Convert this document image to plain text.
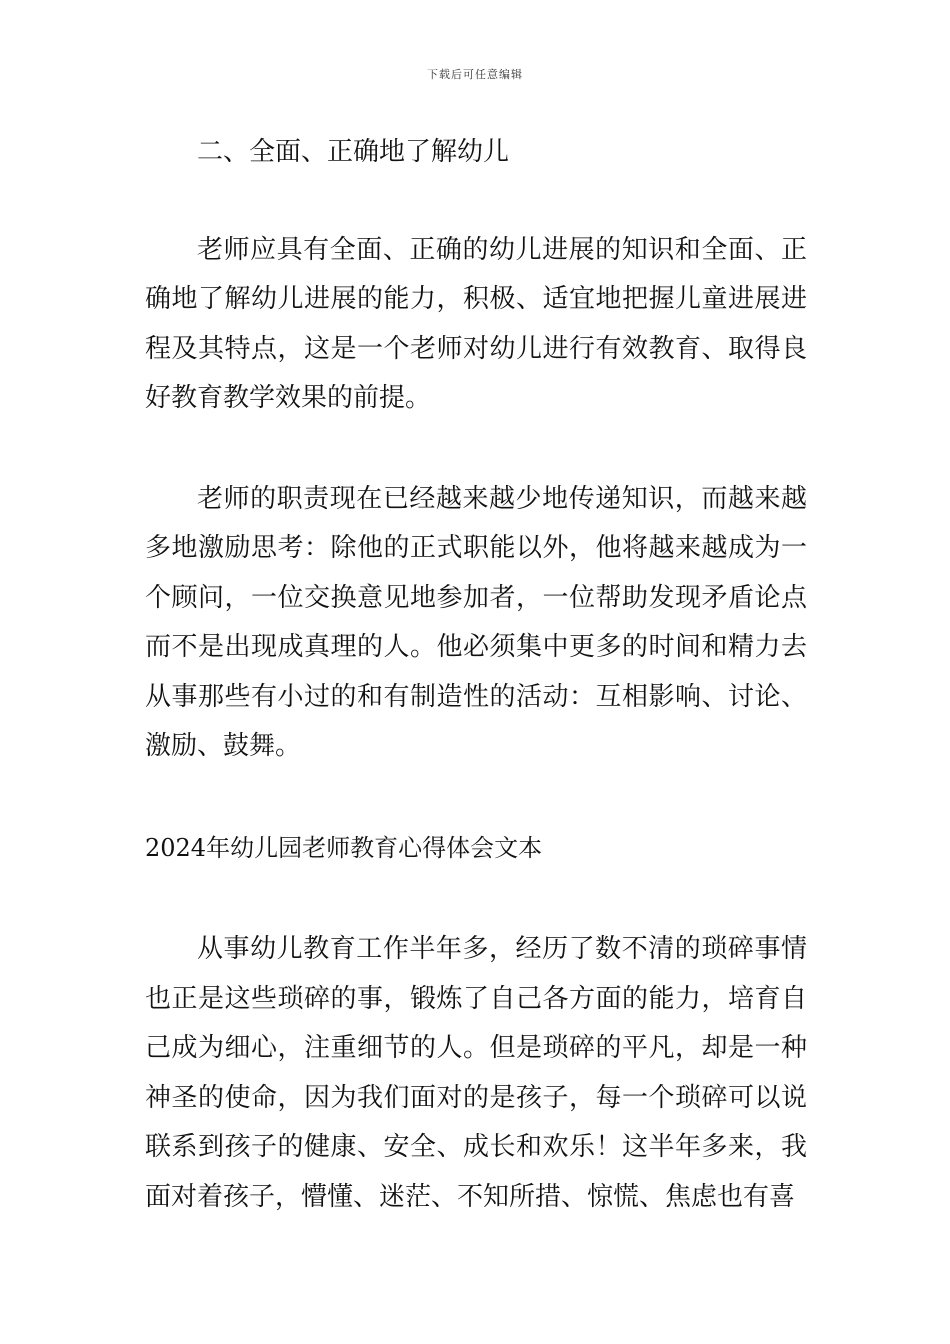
下载后可任意编辑

二、全面、正确地了解幼儿

老师应具有全面、正确的幼儿进展的知识和全面、正确地了解幼儿进展的能力，积极、适宜地把握儿童进展进程及其特点，这是一个老师对幼儿进行有效教育、取得良好教育教学效果的前提。

老师的职责现在已经越来越少地传递知识，而越来越多地激励思考：除他的正式职能以外，他将越来越成为一个顾问，一位交换意见地参加者，一位帮助发现矛盾论点而不是出现成真理的人。他必须集中更多的时间和精力去从事那些有小过的和有制造性的活动：互相影响、讨论、激励、鼓舞。

2024年幼儿园老师教育心得体会文本

从事幼儿教育工作半年多，经历了数不清的琐碎事情也正是这些琐碎的事，锻炼了自己各方面的能力，培育自己成为细心，注重细节的人。但是琐碎的平凡，却是一种神圣的使命，因为我们面对的是孩子，每一个琐碎可以说联系到孩子的健康、安全、成长和欢乐！这半年多来，我面对着孩子，懵懂、迷茫、不知所措、惊慌、焦虑也有喜
